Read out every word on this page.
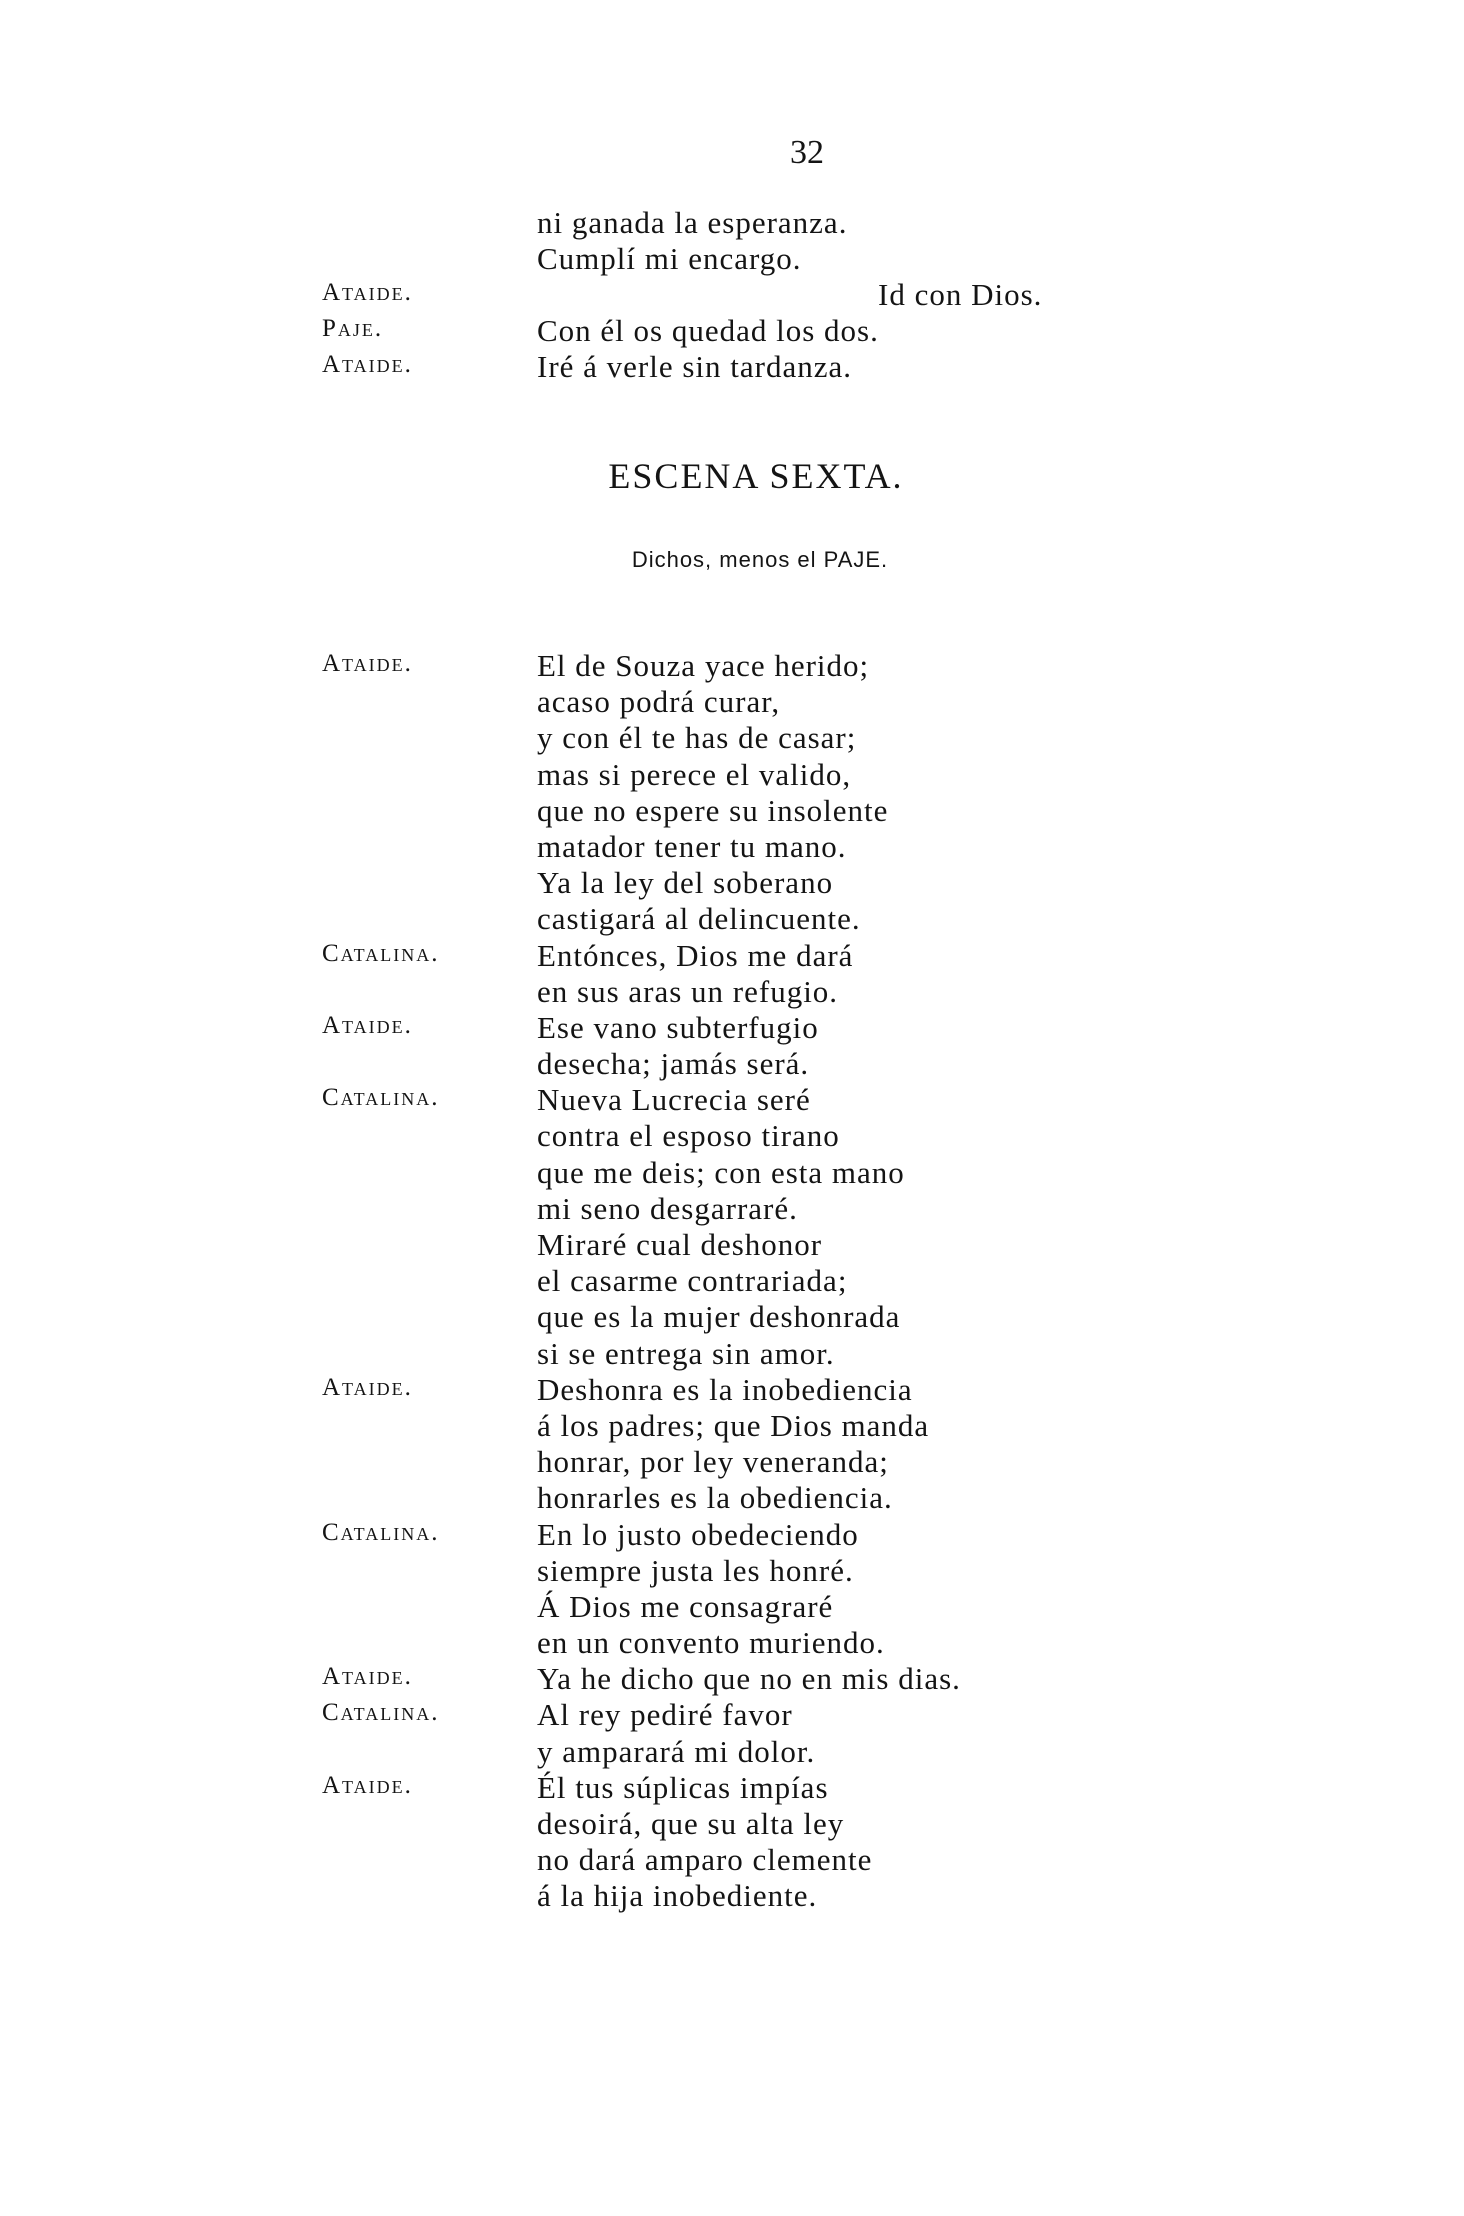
32
ni ganada la esperanza.
Cumplí mi encargo.
Ataide.	Id con Dios.
Paje.	Con él os quedad los dos.
Ataide.	Iré á verle sin tardanza.
ESCENA SEXTA.
Dichos, menos el PAJE.
Ataide.	El de Souza yace herido;
acaso podrá curar,
y con él te has de casar;
mas si perece el valido,
que no espere su insolente
matador tener tu mano.
Ya la ley del soberano
castigará al delincuente.
Catalina.	Entónces, Dios me dará
en sus aras un refugio.
Ataide.	Ese vano subterfugio
desecha; jamás será.
Catalina.	Nueva Lucrecia seré
contra el esposo tirano
que me deis; con esta mano
mi seno desgarraré.
Miraré cual deshonor
el casarme contrariada;
que es la mujer deshonrada
si se entrega sin amor.
Ataide.	Deshonra es la inobediencia
á los padres; que Dios manda
honrar, por ley veneranda;
honrarles es la obediencia.
Catalina.	En lo justo obedeciendo
siempre justa les honré.
Á Dios me consagraré
en un convento muriendo.
Ataide.	Ya he dicho que no en mis dias.
Catalina.	Al rey pediré favor
y amparará mi dolor.
Ataide.	Él tus súplicas impías
desoirá, que su alta ley
no dará amparo clemente
á la hija inobediente.
